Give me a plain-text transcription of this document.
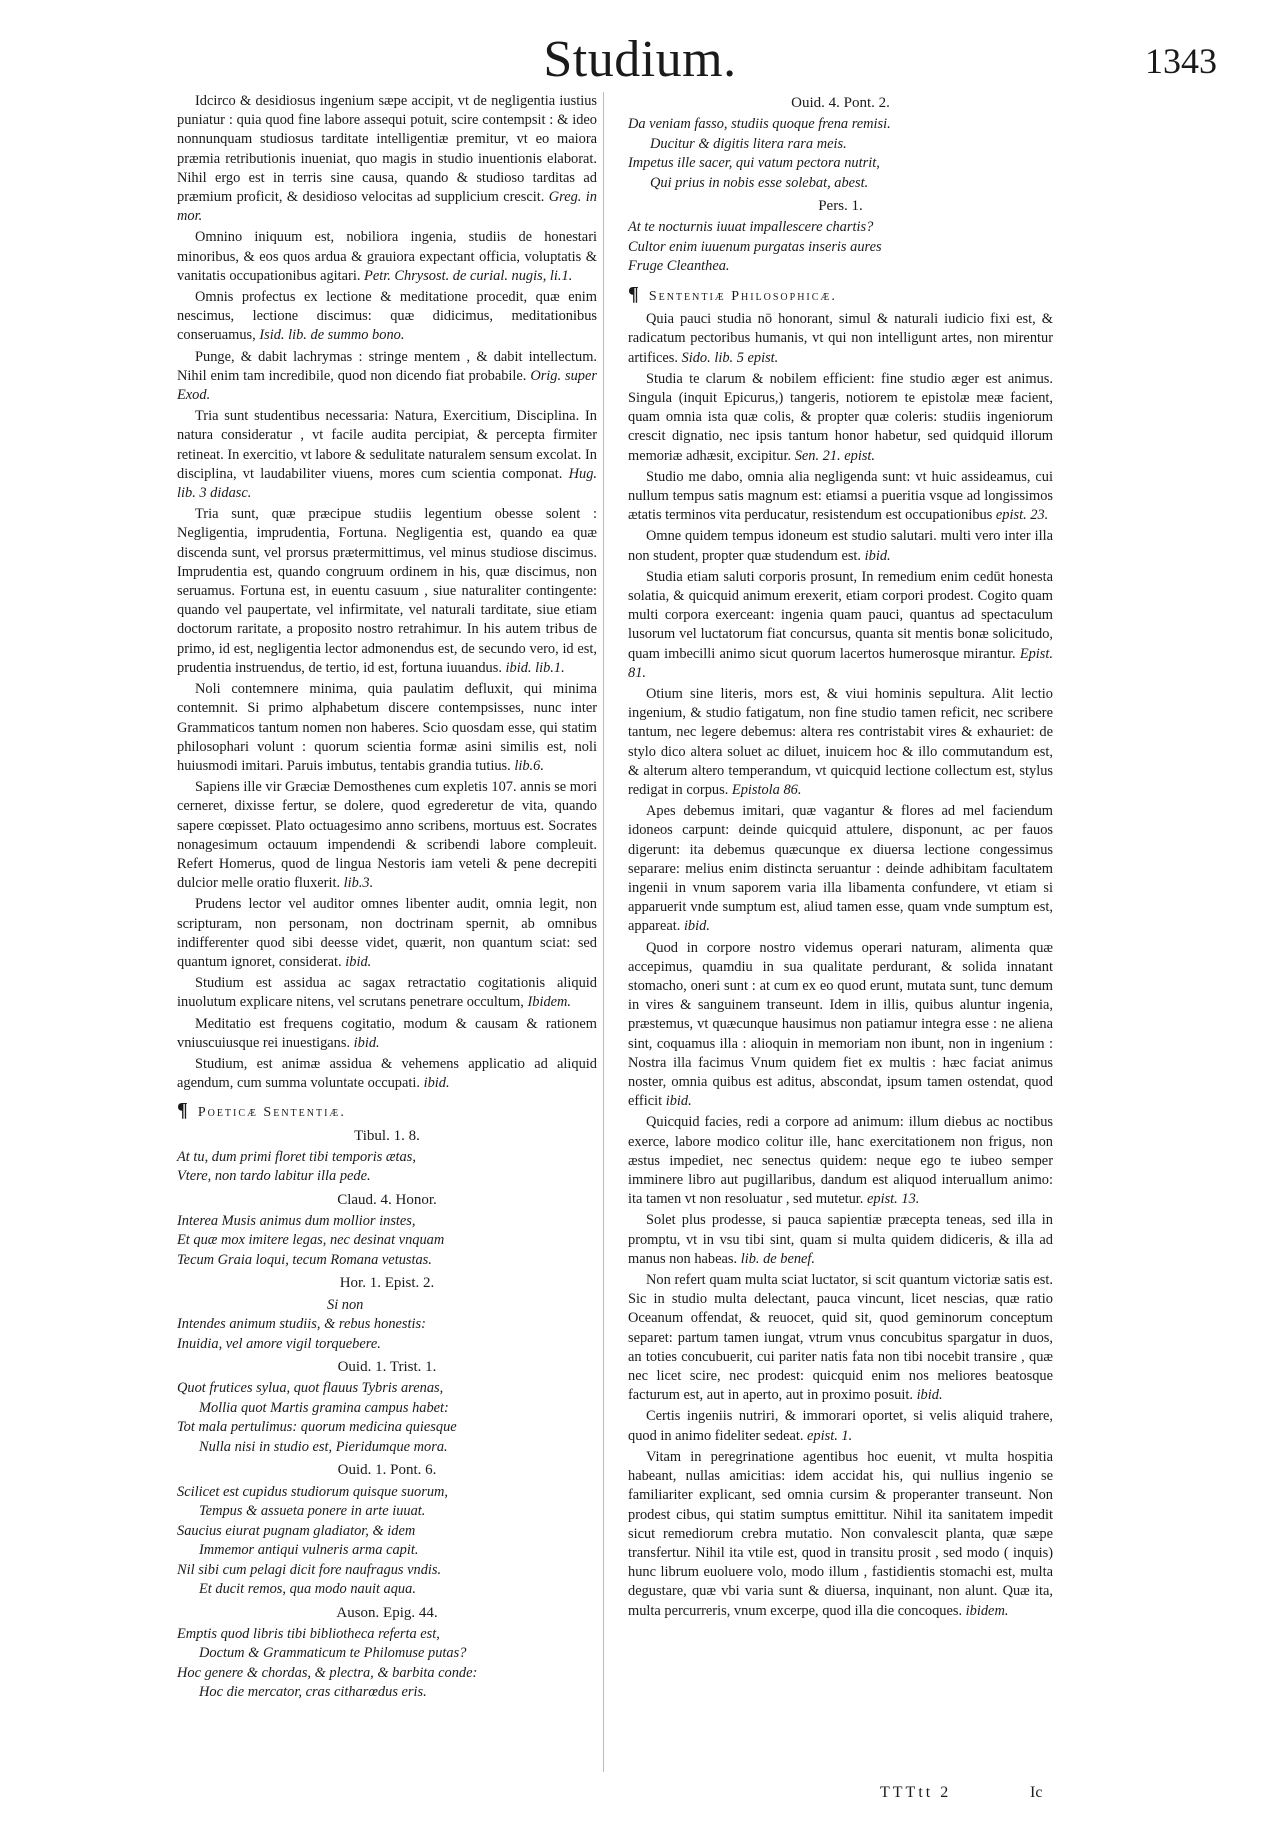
Studium.	1343

Idcirco & desidiosus ingenium sæpe accipit, vt de negligentia iustius puniatur : quia quod fine labore assequi potuit, scire contempsit : & ideo nonnunquam studiosus tarditate intelligentiæ premitur, vt eo maiora præmia retributionis inueniat, quo magis in studio inuentionis elaborat. Nihil ergo est in terris sine causa, quando & studioso tarditas ad præmium proficit, & desidioso velocitas ad supplicium crescit. Greg. in mor.

Omnino iniquum est, nobiliora ingenia, studiis de honestari minoribus, & eos quos ardua & grauiora expectant officia, voluptatis & vanitatis occupationibus agitari. Petr. Chrysost. de curial. nugis, li.1.

Omnis profectus ex lectione & meditatione procedit, quæ enim nescimus, lectione discimus: quæ didicimus, meditationibus conseruamus, Isid. lib. de summo bono.

Punge, & dabit lachrymas : stringe mentem , & dabit intellectum. Nihil enim tam incredibile, quod non dicendo fiat probabile. Orig. super Exod.

Tria sunt studentibus necessaria: Natura, Exercitium, Disciplina. In natura consideratur , vt facile audita percipiat, & percepta firmiter retineat. In exercitio, vt labore & sedulitate naturalem sensum excolat. In disciplina, vt laudabiliter viuens, mores cum scientia componat. Hug. lib. 3 didasc.

Tria sunt, quæ præcipue studiis legentium obesse solent : Negligentia, imprudentia, Fortuna. Negligentia est, quando ea quæ discenda sunt, vel prorsus prætermittimus, vel minus studiose discimus. Imprudentia est, quando congruum ordinem in his, quæ discimus, non seruamus. Fortuna est, in euentu casuum , siue naturaliter contingente: quando vel paupertate, vel infirmitate, vel naturali tarditate, siue etiam doctorum raritate, a proposito nostro retrahimur. In his autem tribus de primo, id est, negligentia lector admonendus est, de secundo vero, id est, prudentia instruendus, de tertio, id est, fortuna iuuandus. ibid. lib.1.

Noli contemnere minima, quia paulatim defluxit, qui minima contemnit. Si primo alphabetum discere contempsisses, nunc inter Grammaticos tantum nomen non haberes. Scio quosdam esse, qui statim philosophari volunt : quorum scientia formæ asini similis est, noli huiusmodi imitari. Paruis imbutus, tentabis grandia tutius. lib.6.

Sapiens ille vir Græciæ Demosthenes cum expletis 107. annis se mori cerneret, dixisse fertur, se dolere, quod egrederetur de vita, quando sapere cœpisset. Plato octuagesimo anno scribens, mortuus est. Socrates nonagesimum octauum impendendi & scribendi labore compleuit. Refert Homerus, quod de lingua Nestoris iam veteli & pene decrepiti dulcior melle oratio fluxerit. lib.3.

Prudens lector vel auditor omnes libenter audit, omnia legit, non scripturam, non personam, non doctrinam spernit, ab omnibus indifferenter quod sibi deesse videt, quærit, non quantum sciat: sed quantum ignoret, considerat. ibid.

Studium est assidua ac sagax retractatio cogitationis aliquid inuolutum explicare nitens, vel scrutans penetrare occultum, Ibidem.

Meditatio est frequens cogitatio, modum & causam & rationem vniuscuiusque rei inuestigans. ibid.

Studium, est animæ assidua & vehemens applicatio ad aliquid agendum, cum summa voluntate occupati. ibid.

¶ Poeticæ Sententiæ.
Tibul. 1. 8.
At tu, dum primi floret tibi temporis ætas,
Vtere, non tardo labitur illa pede.
Claud. 4. Honor.
Interea Musis animus dum mollior instes,
Et quæ mox imitere legas, nec desinat vnquam
Tecum Graia loqui, tecum Romana vetustas.
Hor. 1. Epist. 2.
Si non
Intendes animum studiis, & rebus honestis:
Inuidia, vel amore vigil torquebere.
Ouid. 1. Trist. 1.
Quot frutices sylua, quot flauus Tybris arenas,
Mollia quot Martis gramina campus habet:
Tot mala pertulimus: quorum medicina quiesque
Nulla nisi in studio est, Pieridumque mora.
Ouid. 1. Pont. 6.
Scilicet est cupidus studiorum quisque suorum,
Tempus & assueta ponere in arte iuuat.
Saucius eiurat pugnam gladiator, & idem
Immemor antiqui vulneris arma capit.
Nil sibi cum pelagi dicit fore naufragus vndis.
Et ducit remos, qua modo nauit aqua.
Auson. Epig. 44.
Emptis quod libris tibi bibliotheca referta est,
Doctum & Grammaticum te Philomuse putas?
Hoc genere & chordas, & plectra, & barbita conde:
Hoc die mercator, cras citharœdus eris.
Ouid. 4. Pont. 2.
Da veniam fasso, studiis quoque frena remisi.
Ducitur & digitis litera rara meis.
Impetus ille sacer, qui vatum pectora nutrit,
Qui prius in nobis esse solebat, abest.
Pers. 1.
At te nocturnis iuuat impallescere chartis?
Cultor enim iuuenum purgatas inseris aures
Fruge Cleanthea.
¶ Sententiæ Philosophicæ.

Quia pauci studia nō honorant, simul & naturali iudicio fixi est, & radicatum pectoribus humanis, vt qui non intelligunt artes, non mirentur artifices. Sido. lib. 5 epist.

Studia te clarum & nobilem efficient: fine studio æger est animus. Singula (inquit Epicurus,) tangeris, notiorem te epistolæ meæ facient, quam omnia ista quæ colis, & propter quæ coleris: studiis ingeniorum crescit dignatio, nec ipsis tantum honor habetur, sed quidquid illorum memoriæ adhæsit, excipitur. Sen. 21. epist.

Studio me dabo, omnia alia negligenda sunt: vt huic assideamus, cui nullum tempus satis magnum est: etiamsi a pueritia vsque ad longissimos ætatis terminos vita perducatur, resistendum est occupationibus epist. 23.

Omne quidem tempus idoneum est studio salutari. multi vero inter illa non student, propter quæ studendum est. ibid.

Studia etiam saluti corporis prosunt, In remedium enim cedūt honesta solatia, & quicquid animum erexerit, etiam corpori prodest. Cogito quam multi corpora exerceant: ingenia quam pauci, quantus ad spectaculum lusorum vel luctatorum fiat concursus, quanta sit mentis bonæ solicitudo, quam imbecilli animo sicut quorum lacertos humerosque mirantur. Epist. 81.

Otium sine literis, mors est, & viui hominis sepultura. Alit lectio ingenium, & studio fatigatum, non fine studio tamen reficit, nec scribere tantum, nec legere debemus: altera res contristabit vires & exhauriet: de stylo dico altera soluet ac diluet, inuicem hoc & illo commutandum est, & alterum altero temperandum, vt quicquid lectione collectum est, stylus redigat in corpus. Epistola 86.

Apes debemus imitari, quæ vagantur & flores ad mel faciendum idoneos carpunt: deinde quicquid attulere, disponunt, ac per fauos digerunt: ita debemus quæcunque ex diuersa lectione congessimus separare: melius enim distincta seruantur : deinde adhibitam facultatem ingenii in vnum saporem varia illa libamenta confundere, vt etiam si apparuerit vnde sumptum est, aliud tamen esse, quam vnde sumptum est, appareat. ibid.

Quod in corpore nostro videmus operari naturam, alimenta quæ accepimus, quamdiu in sua qualitate perdurant, & solida innatant stomacho, oneri sunt : at cum ex eo quod erunt, mutata sunt, tunc demum in vires & sanguinem transeunt. Idem in illis, quibus aluntur ingenia, præstemus, vt quæcunque hausimus non patiamur integra esse : ne aliena sint, coquamus illa : alioquin in memoriam non ibunt, non in ingenium : Nostra illa facimus Vnum quidem fiet ex multis : hæc faciat animus noster, omnia quibus est aditus, abscondat, ipsum tamen ostendat, quod efficit ibid.

Quicquid facies, redi a corpore ad animum: illum diebus ac noctibus exerce, labore modico colitur ille, hanc exercitationem non frigus, non æstus impediet, nec senectus quidem: neque ego te iubeo semper imminere libro aut pugillaribus, dandum est aliquod interuallum animo: ita tamen vt non resoluatur , sed mutetur. epist. 13.

Solet plus prodesse, si pauca sapientiæ præcepta teneas, sed illa in promptu, vt in vsu tibi sint, quam si multa quidem didiceris, & illa ad manus non habeas. lib. de benef.

Non refert quam multa sciat luctator, si scit quantum victoriæ satis est. Sic in studio multa delectant, pauca vincunt, licet nescias, quæ ratio Oceanum offendat, & reuocet, quid sit, quod geminorum conceptum separet: partum tamen iungat, vtrum vnus concubitus spargatur in duos, an toties concubuerit, cui pariter natis fata non tibi nocebit transire , quæ nec licet scire, nec prodest: quicquid enim nos meliores beatosque facturum est, aut in aperto, aut in proximo posuit. ibid.

Certis ingeniis nutriri, & immorari oportet, si velis aliquid trahere, quod in animo fideliter sedeat. epist. 1.

Vitam in peregrinatione agentibus hoc euenit, vt multa hospitia habeant, nullas amicitias: idem accidat his, qui nullius ingenio se familiariter explicant, sed omnia cursim & properanter transeunt. Non prodest cibus, qui statim sumptus emittitur. Nihil ita sanitatem impedit sicut remediorum crebra mutatio. Non convalescit planta, quæ sæpe transfertur. Nihil ita vtile est, quod in transitu prosit , sed modo ( inquis) hunc librum euoluere volo, modo illum , fastidientis stomachi est, multa degustare, quæ vbi varia sunt & diuersa, inquinant, non alunt. Quæ ita, multa percurreris, vnum excerpe, quod illa die concoques. ibidem.

TTTtt 2	Ic
